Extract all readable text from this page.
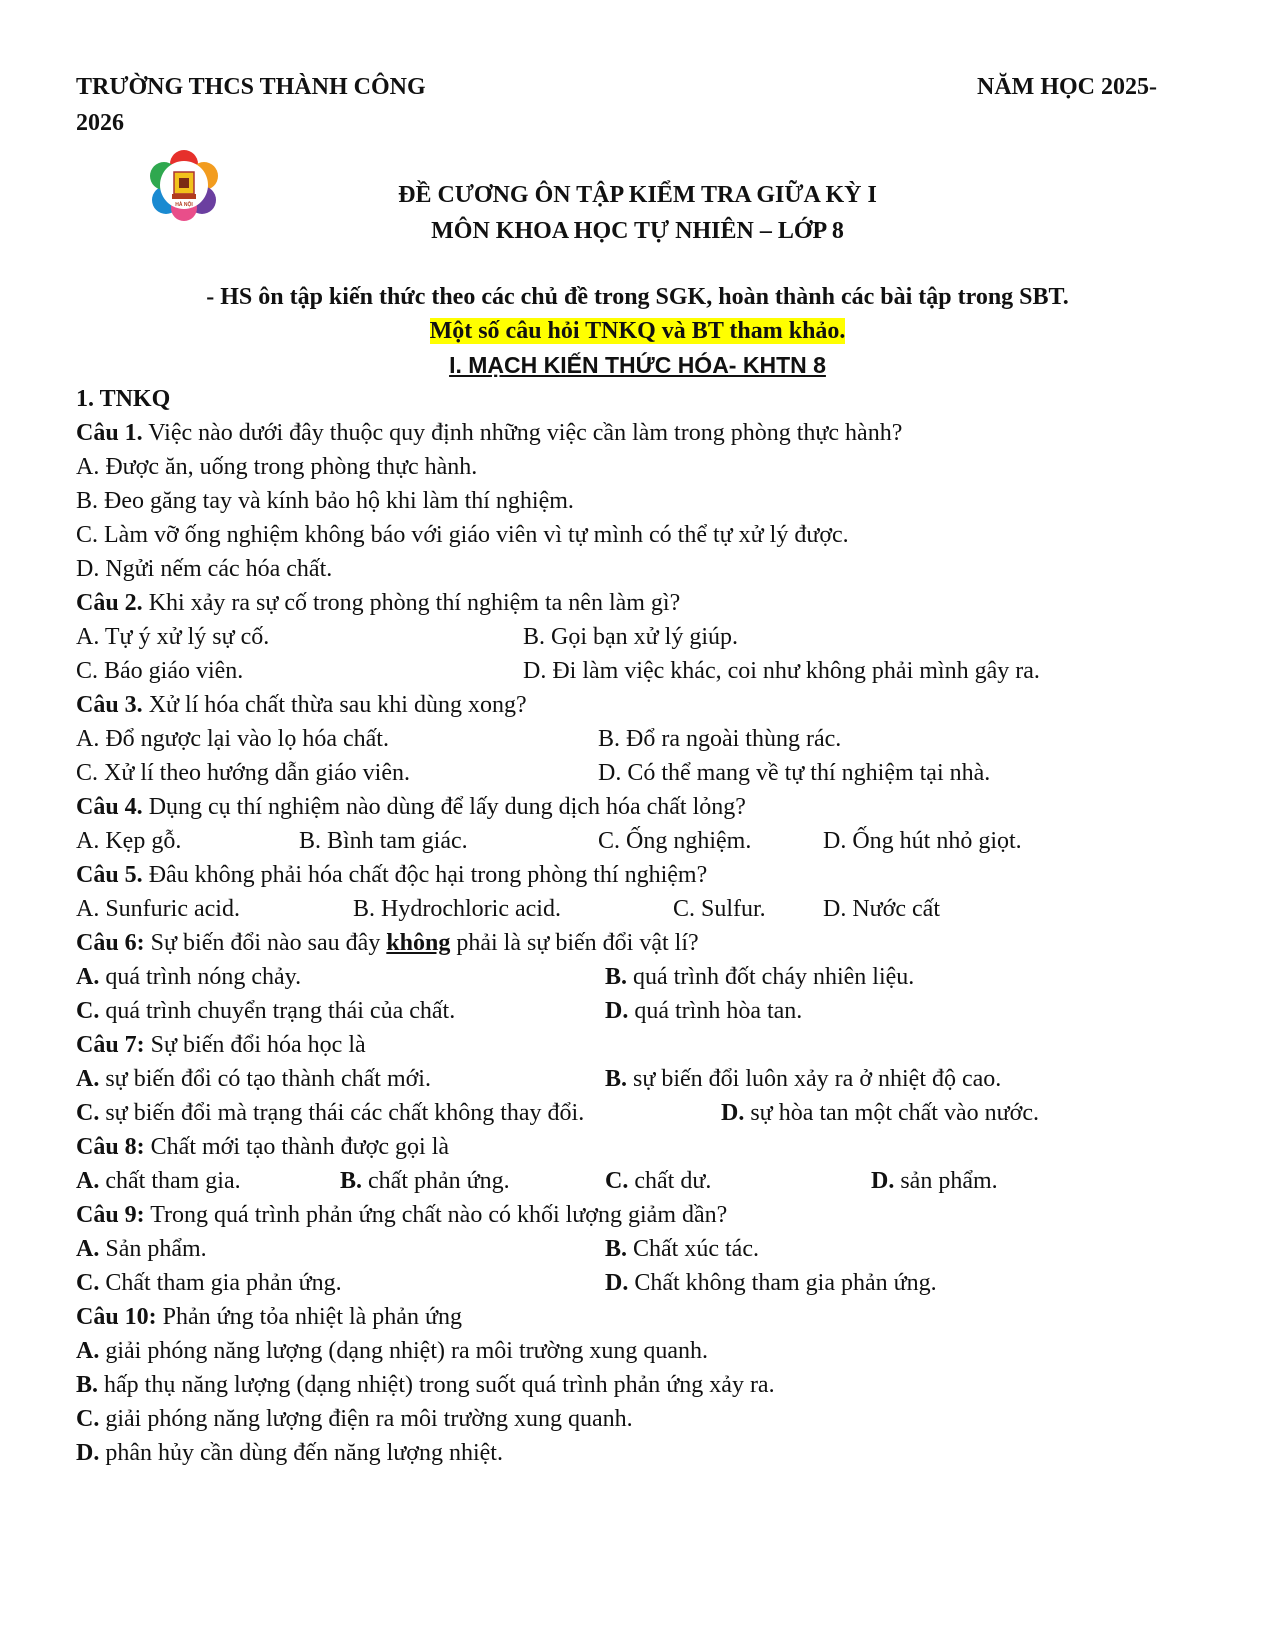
TRƯỜNG THCS THÀNH CÔNG	NĂM HỌC 2025-
2026
HÀ NỘI	ĐỀ CƯƠNG ÔN TẬP KIỂM TRA GIỮA KỲ I
MÔN KHOA HỌC TỰ NHIÊN – LỚP 8
- HS ôn tập kiến thức theo các chủ đề trong SGK, hoàn thành các bài tập trong SBT.
Một số câu hỏi TNKQ và BT tham khảo.
I. MẠCH KIẾN THỨC HÓA- KHTN 8
1. TNKQ
Câu 1. Việc nào dưới đây thuộc quy định những việc cần làm trong phòng thực hành?
A. Được ăn, uống trong phòng thực hành.
B. Đeo găng tay và kính bảo hộ khi làm thí nghiệm.
C. Làm vỡ ống nghiệm không báo với giáo viên vì tự mình có thể tự xử lý được.
D. Ngửi nếm các hóa chất.
Câu 2. Khi xảy ra sự cố trong phòng thí nghiệm ta nên làm gì?
A. Tự ý xử lý sự cố.	B. Gọi bạn xử lý giúp.
C. Báo giáo viên.	D. Đi làm việc khác, coi như không phải mình gây ra.
Câu 3. Xử lí hóa chất thừa sau khi dùng xong?
A. Đổ ngược lại vào lọ hóa chất.	B. Đổ ra ngoài thùng rác.
C. Xử lí theo hướng dẫn giáo viên.	D. Có thể mang về tự thí nghiệm tại nhà.
Câu 4. Dụng cụ thí nghiệm nào dùng để lấy dung dịch hóa chất lỏng?
A. Kẹp gỗ.	B. Bình tam giác.	C. Ống nghiệm.	D. Ống hút nhỏ giọt.
Câu 5. Đâu không phải hóa chất độc hại trong phòng thí nghiệm?
A. Sunfuric acid.	B. Hydrochloric acid.	C. Sulfur. D. Nước cất
Câu 6: Sự biến đổi nào sau đây không phải là sự biến đổi vật lí?
A. quá trình nóng chảy.	B. quá trình đốt cháy nhiên liệu.
C. quá trình chuyển trạng thái của chất.	D. quá trình hòa tan.
Câu 7: Sự biến đổi hóa học là
A. sự biến đổi có tạo thành chất mới.	B. sự biến đổi luôn xảy ra ở nhiệt độ cao.
C. sự biến đổi mà trạng thái các chất không thay đổi.	D. sự hòa tan một chất vào nước.
Câu 8: Chất mới tạo thành được gọi là
A. chất tham gia.	B. chất phản ứng.	C. chất dư.	D. sản phẩm.
Câu 9: Trong quá trình phản ứng chất nào có khối lượng giảm dần?
A. Sản phẩm.	B. Chất xúc tác.
C. Chất tham gia phản ứng.	D. Chất không tham gia phản ứng.
Câu 10: Phản ứng tỏa nhiệt là phản ứng
A. giải phóng năng lượng (dạng nhiệt) ra môi trường xung quanh.
B. hấp thụ năng lượng (dạng nhiệt) trong suốt quá trình phản ứng xảy ra.
C. giải phóng năng lượng điện ra môi trường xung quanh.
D. phân hủy cần dùng đến năng lượng nhiệt.
